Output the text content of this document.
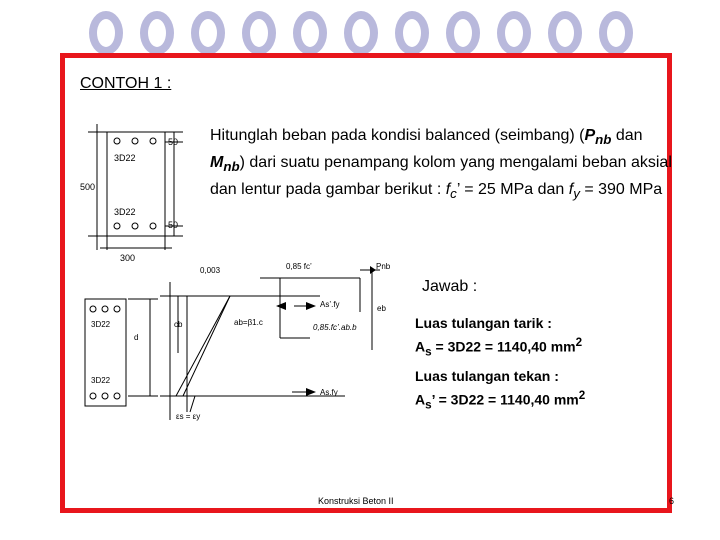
CONTOH 1 :

Hitunglah beban pada kondisi balanced (seimbang) ($P_{nb}$ dan $M_{nb}$) dari suatu penampang kolom yang mengalami beban aksial dan lentur pada gambar berikut : $f_c$’ = 25 MPa dan $f_y = 390$ MPa

50

50

500

300

3D22

3D22

0,003	0,85 fc’	Pnb

eb

3D22

3D22

d

cb	ab=β1.c

0,85.fc’.ab.b

As’.fy

As.fy

εs = εy

Jawab :

Luas tulangan tarik :
$A_s = 3D22 = 1140,40$ $mm^2$
Luas tulangan tekan :
$A_s$’ = 3D22 = 1140,40 $mm^2$

Konstruksi Beton II	6
